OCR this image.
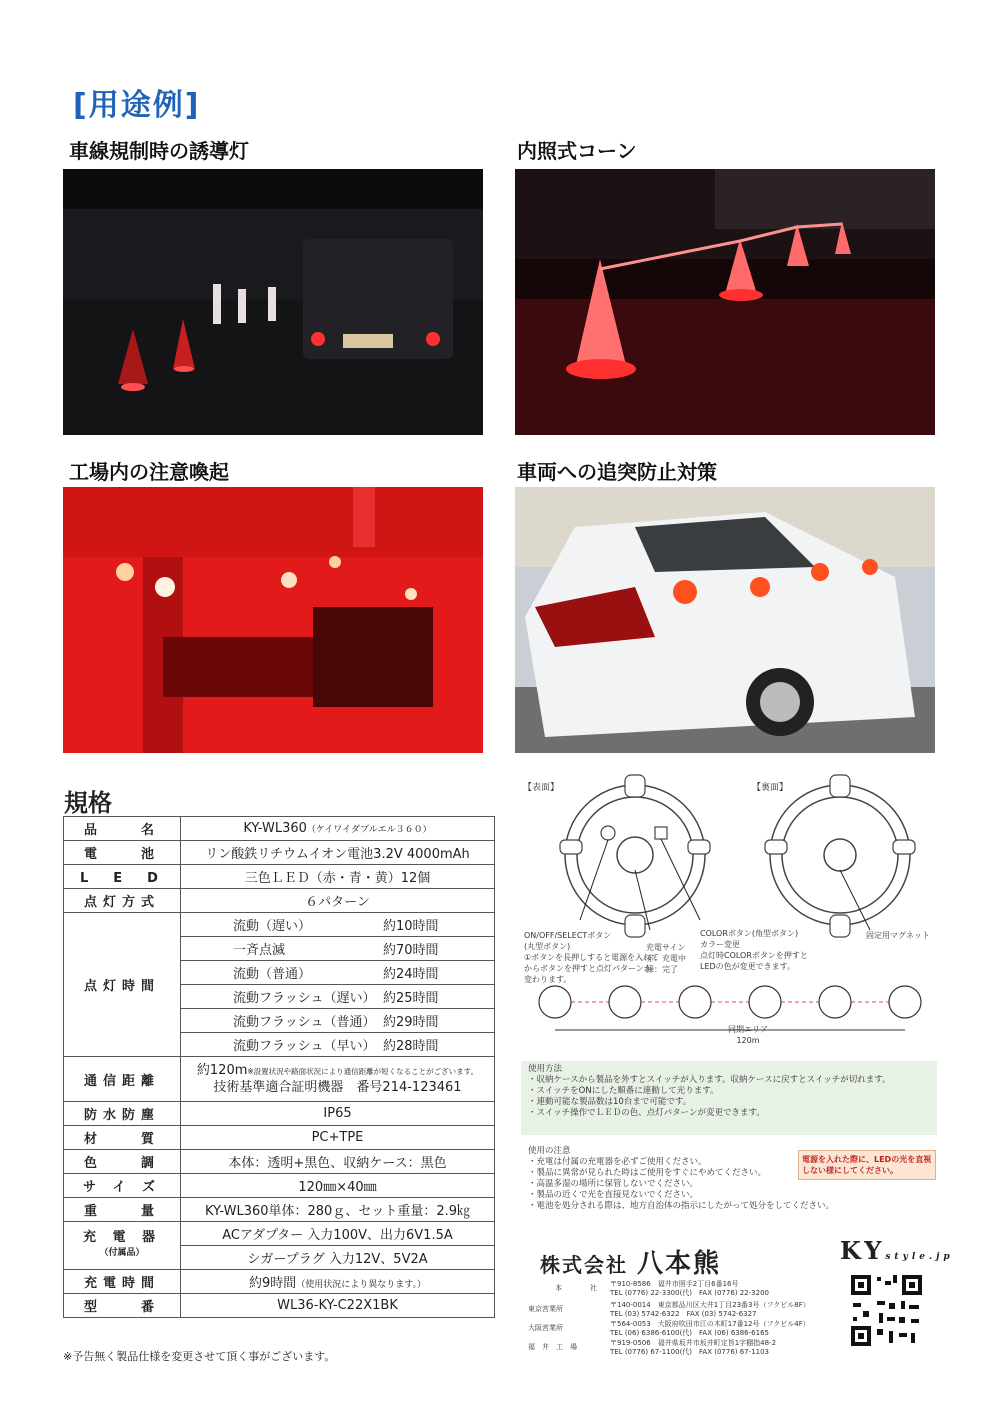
[用途例]
車線規制時の誘導灯	内照式コーン
工場内の注意喚起	車両への追突防止対策
規格
品　　名	KY-WL360（ケイワイダブルエル３６０）
電　　池	リン酸鉄リチウムイオン電池3.2V 4000mAh
L　E　D	三色ＬＥＤ（赤・青・黄）12個
点灯方式	６パターン
点灯時間	流動（遅い） 約10時間
	一斉点滅 約70時間
	流動（普通） 約24時間
	流動フラッシュ（遅い） 約25時間
	流動フラッシュ（普通） 約29時間
	流動フラッシュ（早い） 約28時間
通信距離	約120m※設置状況や路面状況により通信距離が短くなることがございます。
技術基準適合証明機器　番号214-123461
防水防塵	IP65
材　　質	PC+TPE
色　　調	本体：透明+黒色、収納ケース：黒色
サ イ ズ	120㎜×40㎜
重　　量	KY-WL360単体：280ｇ、セット重量：2.9㎏
充 電 器
（付属品）	ACアダプター 入力100V、出力6V1.5A
	シガープラグ 入力12V、5V2A
充電時間	約9時間（使用状況により異なります。）
型　　番	WL36-KY-C22X1BK
※予告無く製品仕様を変更させて頂く事がございます。
【表面】	【裏面】
ON/OFF/SELECTボタン
(丸型ボタン)
①ボタンを長押しすると電源を入れて
からボタンを押すと点灯パターンが
変わります。
充電サイン
赤：充電中
緑：完了
COLORボタン(角型ボタン)
カラー変更
点灯時COLORボタンを押すと
LEDの色が変更できます。
固定用マグネット
同期エリア
120m
使用方法
・収納ケースから製品を外すとスイッチが入ります。収納ケースに戻すとスイッチが切れます。
・スイッチをONにした順番に連動して光ります。
・連動可能な製品数は10台まで可能です。
・スイッチ操作でＬＥＤの色、点灯パターンが変更できます。
使用の注意
・充電は付属の充電器を必ずご使用ください。
・製品に異常が見られた時はご使用をすぐにやめてください。
・高温多湿の場所に保管しないでください。
・製品の近くで光を直接見ないでください。
・電池を処分される際は、地方自治体の指示にしたがって処分をしてください。
電源を入れた際に、LEDの光を直視しない様にしてください。
株式会社 八本熊	KYstyle.jp
本　　　　社 〒910-8586　福井市照手2丁目6番16号
TEL (0776) 22-3300(代)　FAX (0776) 22-3200
東京営業所	〒140-0014　東京都品川区大井1丁目23番3号（フクビル8F）
TEL (03) 5742-6322　FAX (03) 5742-6327
大阪営業所	〒564-0053　大阪府吹田市江の木町17番12号（フクビル4F）
TEL (06) 6386-6100(代)　FAX (06) 6386-6165
福　井　工　場	〒919-0506　福井県坂井市坂井町定旨1字棚指48-2
TEL (0776) 67-1100(代)　FAX (0776) 67-1103
